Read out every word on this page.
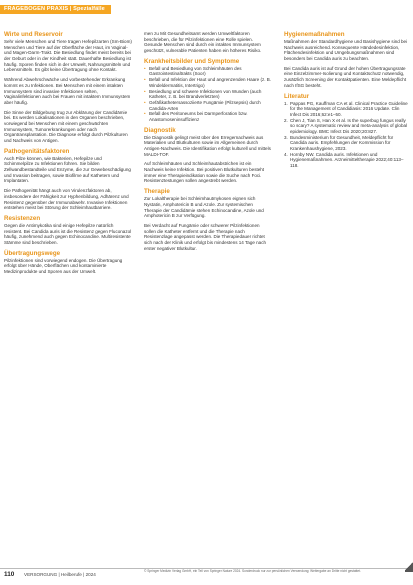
FRAGEBOGEN PRAXIS | Spezialfälle
Wirte und Reservoir

Sehr viele Menschen und Tiere tragen Hefepilzarten (Sm-Biom) Menschen und Tiere auf der Oberfläche der Haut, im Vaginal- und Magen-Darm-Trakt. Die Besiedlung findet meist bereits bei der Geburt oder in der Kindheit statt. Dauerhafte Besiedlung ist häufig. Sporen finden sich in der Umwelt, Nahrungsmitteln und Lebensmitteln. Es gibt keine Übertragung ohne Kontakt.

Während Abwehrschwäche und vorbestehender Erkrankung kommt es zu Infektionen. Bei Menschen mit einem intakten Immunsystem sind invasive Infektionen selten, Vaginalinfektionen auch bei Frauen mit intaktem Immunsystem aber häufig.

Die Sinne der Bildgebung trug zur Abklärung der Candidämie bei. Es werden Lokalisationen in den Organen beschrieben, vorwiegend bei Menschen mit einem geschwächten Immunsystem, Tumorerkrankungen oder nach Organtransplantation. Die Diagnose erfolgt durch Pilzkulturen und Nachweis von Antigen.

Pathogenitätsfaktoren

Auch Pilze können, wie Bakterien, Hefepilze und Schimmelpilze zu Infektionen führen. Sie bilden Zellwandbestandteile und Enzyme, die zur Gewebeschädigung und Invasion beitragen, sowie Biofilme auf Kathetern und Implantaten.

Die Pathogenität hängt auch von Virulenzfaktoren ab, insbesondere der Fähigkeit zur Hyphenbildung, Adhärenz und Resistenz gegenüber der Immunabwehr. Invasive Infektionen entstehen meist bei Störung der Schleimhautbarriere.

Resistenzen

Gegen die Antimykotika sind einige Hefepilze natürlich resistent. Bei Candida auris ist die Resistenz gegen Fluconazol häufig, zunehmend auch gegen Echinocandine. Multiresistente Stämme sind beschrieben.

Übertragungswege

Pilzinfektionen sind vorwiegend endogen. Die Übertragung erfolgt über Hände, Oberflächen und kontaminierte Medizinprodukte und Sporen aus der Umwelt.

men zu Mit Gesundheitsamt werden Umweltfaktoren beschrieben, die für Pilzinfektionen eine Rolle spielen. Gesunde Menschen sind durch ein intaktes Immunsystem geschützt, vulnerable Patienten haben ein höheres Risiko.

Krankheitsbilder und Symptome
• Befall und Besiedlung von Schleimhäuten des Gastrointestinaltrakts (Soor)
• Befall und Infektion der Haut und angrenzenden Haare (z. B. Windeldermatitis, Intertrigo)
• Besiedlung und schwere Infektionen von Wunden (auch Katheter, z. B. bei Brandverletzten)
• Gefäßkathetersassoziierte Fungämie (Pilzsepsis) durch Candida-Arten
• Befall des Peritoneums bei Darmperforation bzw. Anastomoseninsuffizienz
Diagnostik

Die Diagnostik gelingt meist über den Erregernachweis aus Materialien und Blutkulturen sowie im Allgemeinen durch Antigen-Nachweis. Die Identifikation erfolgt kulturell und mittels MALDI-TOF.

Auf Schleimhäuten und Schleimhautabstrichen ist ein Nachweis keine Infektion. Bei positiven Blutkulturen besteht immer eine Therapieindikation sowie die Suche nach Foci. Resistenztestungen sollen angestrebt werden.

Therapie

Zur Lokaltherapie bei Schleimhautmykosen eignen sich Nystatin, Amphotericin B und Azole. Zur systemischen Therapie der Candidämie stehen Echinocandine, Azole und Amphotericin B zur Verfügung.

Bei Verdacht auf Fungämie oder schwerer Pilzinfektionen sollen die Katheter entfernt und die Therapie nach Resistenzlage angepasst werden. Die Therapiedauer richtet sich nach der Klinik und erfolgt bis mindestens 14 Tage nach erster negativer Blutkultur.

Hygienemaßnahmen

Maßnahmen der Standardhygiene und Basishygiene sind bei Nachweis ausreichend. Konsequente Händedesinfektion, Flächendesinfektion und Umgebungsmaßnahmen sind besonders bei Candida auris zu beachten.

Bei Candida auris ist auf Grund der hohen Übertragungsrate eine Einzelzimmer-Isolierung und Kontaktschutz notwendig, zusätzlich Screening der Kontaktpatienten. Eine Meldepflicht nach IfSG besteht.

Literatur
1. Pappas PG, Kauffman CA et al. Clinical Practice Guideline for the Management of Candidiasis: 2016 Update. Clin Infect Dis 2016;62:e1–50.
2. Chen J, Tian S, Han X et al. Is the superbug fungus really so scary? A systematic review and meta-analysis of global epidemiology. BMC Infect Dis 2020;20:827.
3. Bundesministerium für Gesundheit, Meldepflicht für Candida auris. Empfehlungen der Kommission für Krankenhaushygiene, 2023.
4. Hornby NW. Candida auris. Infektionen und Hygienemaßnahmen. Arzneimitteltherapie 2022;40:113–118.
110 VERSORGUNG | Heilberufe | 2024
© Springer Medizin Verlag GmbH, ein Teil von Springer Nature 2024. Sonderdruck nur zur persönlichen Verwendung; Weitergabe an Dritte nicht gestattet.
